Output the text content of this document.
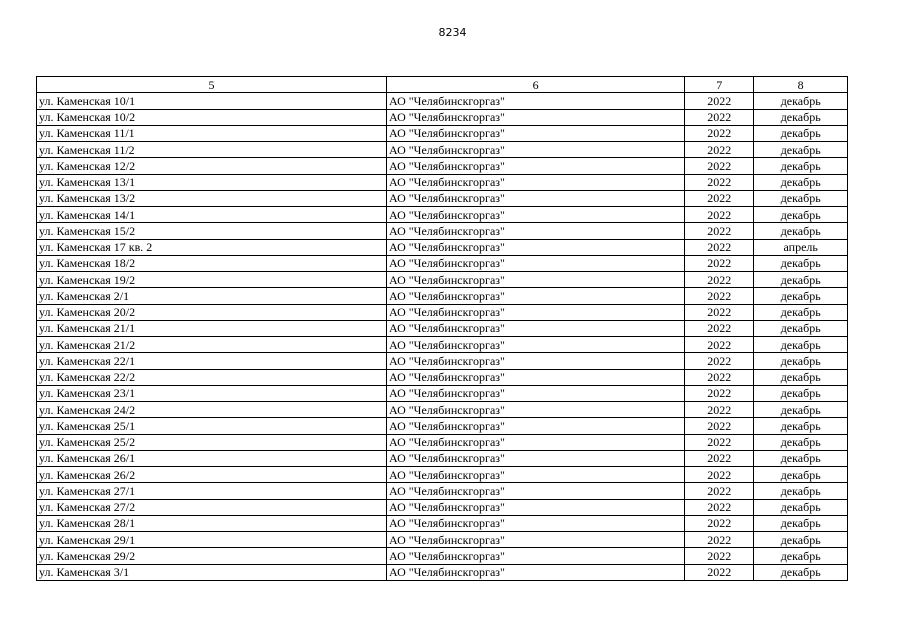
8234
5	6	7	8
ул. Каменская 10/1	АО "Челябинскгоргаз"	2022	декабрь
ул. Каменская 10/2	АО "Челябинскгоргаз"	2022	декабрь
ул. Каменская 11/1	АО "Челябинскгоргаз"	2022	декабрь
ул. Каменская 11/2	АО "Челябинскгоргаз"	2022	декабрь
ул. Каменская 12/2	АО "Челябинскгоргаз"	2022	декабрь
ул. Каменская 13/1	АО "Челябинскгоргаз"	2022	декабрь
ул. Каменская 13/2	АО "Челябинскгоргаз"	2022	декабрь
ул. Каменская 14/1	АО "Челябинскгоргаз"	2022	декабрь
ул. Каменская 15/2	АО "Челябинскгоргаз"	2022	декабрь
ул. Каменская 17 кв. 2	АО "Челябинскгоргаз"	2022	апрель
ул. Каменская 18/2	АО "Челябинскгоргаз"	2022	декабрь
ул. Каменская 19/2	АО "Челябинскгоргаз"	2022	декабрь
ул. Каменская 2/1	АО "Челябинскгоргаз"	2022	декабрь
ул. Каменская 20/2	АО "Челябинскгоргаз"	2022	декабрь
ул. Каменская 21/1	АО "Челябинскгоргаз"	2022	декабрь
ул. Каменская 21/2	АО "Челябинскгоргаз"	2022	декабрь
ул. Каменская 22/1	АО "Челябинскгоргаз"	2022	декабрь
ул. Каменская 22/2	АО "Челябинскгоргаз"	2022	декабрь
ул. Каменская 23/1	АО "Челябинскгоргаз"	2022	декабрь
ул. Каменская 24/2	АО "Челябинскгоргаз"	2022	декабрь
ул. Каменская 25/1	АО "Челябинскгоргаз"	2022	декабрь
ул. Каменская 25/2	АО "Челябинскгоргаз"	2022	декабрь
ул. Каменская 26/1	АО "Челябинскгоргаз"	2022	декабрь
ул. Каменская 26/2	АО "Челябинскгоргаз"	2022	декабрь
ул. Каменская 27/1	АО "Челябинскгоргаз"	2022	декабрь
ул. Каменская 27/2	АО "Челябинскгоргаз"	2022	декабрь
ул. Каменская 28/1	АО "Челябинскгоргаз"	2022	декабрь
ул. Каменская 29/1	АО "Челябинскгоргаз"	2022	декабрь
ул. Каменская 29/2	АО "Челябинскгоргаз"	2022	декабрь
ул. Каменская 3/1	АО "Челябинскгоргаз"	2022	декабрь
